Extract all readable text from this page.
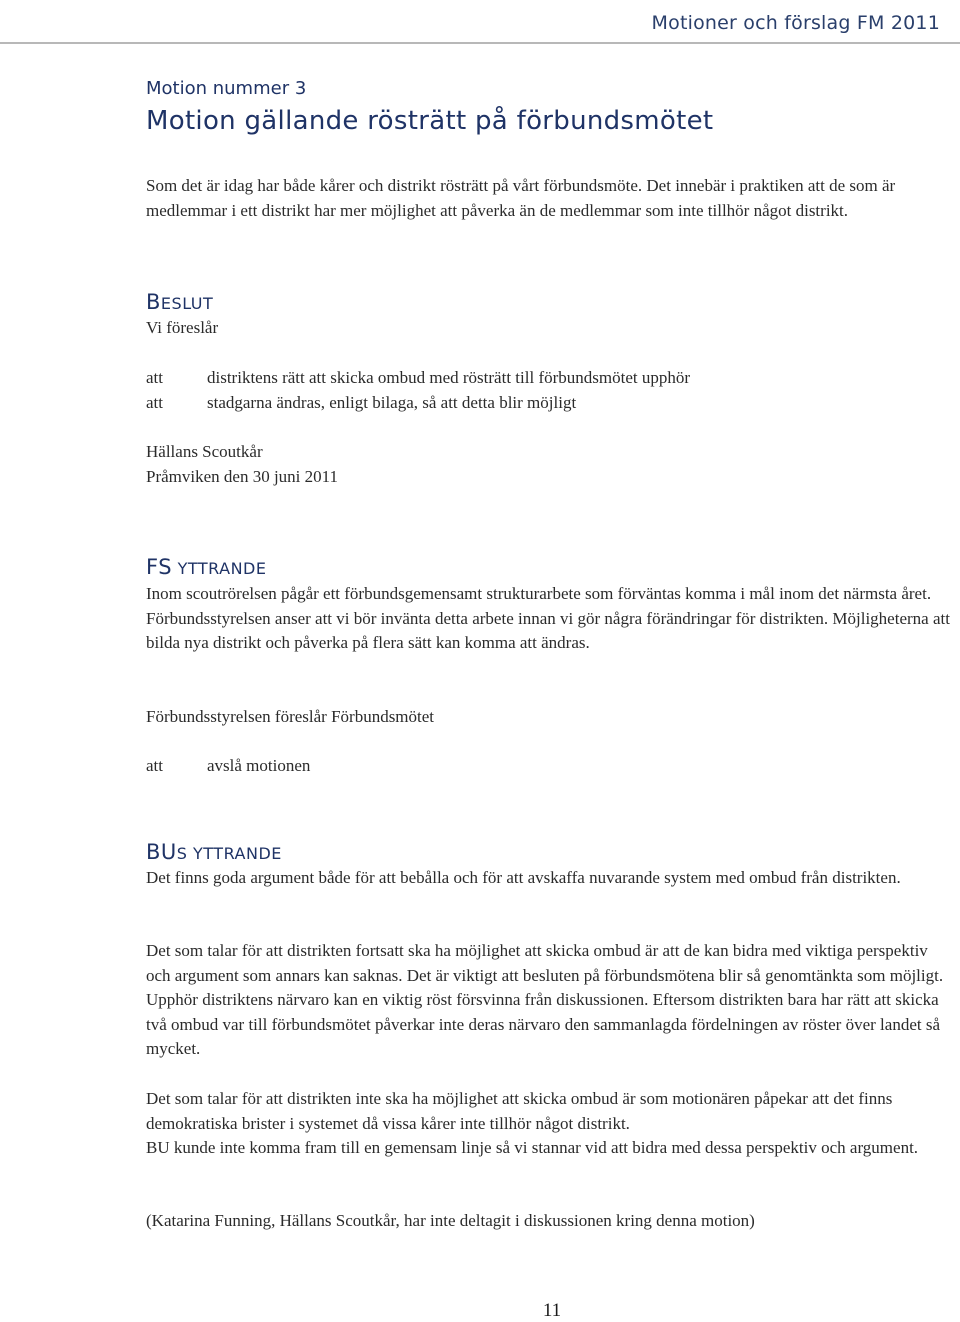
Motioner och förslag FM 2011
Motion nummer 3
Motion gällande rösträtt på förbundsmötet

Som det är idag har både kårer och distrikt rösträtt på vårt förbundsmöte. Det innebär i praktiken att de som är medlemmar i ett distrikt har mer möjlighet att påverka än de medlemmar som inte tillhör något distrikt.

BESLUT
Vi föreslår
att	distriktens rätt att skicka ombud med rösträtt till förbundsmötet upphör
att	stadgarna ändras, enligt bilaga, så att detta blir möjligt
Hällans Scoutkår
Pråmviken den 30 juni 2011
FS YTTRANDE

Inom scoutrörelsen pågår ett förbundsgemensamt strukturarbete som förväntas komma i mål inom det närmsta året. Förbundsstyrelsen anser att vi bör invänta detta arbete innan vi gör några förändringar för distrikten. Möjligheterna att bilda nya distrikt och påverka på flera sätt kan komma att ändras.

Förbundsstyrelsen föreslår Förbundsmötet
att	avslå motionen
BUS YTTRANDE

Det finns goda argument både för att bebålla och för att avskaffa nuvarande system med ombud från distrikten.

Det som talar för att distrikten fortsatt ska ha möjlighet att skicka ombud är att de kan bidra med viktiga perspektiv och argument som annars kan saknas. Det är viktigt att besluten på förbundsmötena blir så genomtänkta som möjligt. Upphör distriktens närvaro kan en viktig röst försvinna från diskussionen. Eftersom distrikten bara har rätt att skicka två ombud var till förbundsmötet påverkar inte deras närvaro den sammanlagda fördelningen av röster över landet så mycket.

Det som talar för att distrikten inte ska ha möjlighet att skicka ombud är som motionären påpekar att det finns demokratiska brister i systemet då vissa kårer inte tillhör något distrikt.

BU kunde inte komma fram till en gemensam linje så vi stannar vid att bidra med dessa perspektiv och argument.

(Katarina Funning, Hällans Scoutkår, har inte deltagit i diskussionen kring denna motion)

11
